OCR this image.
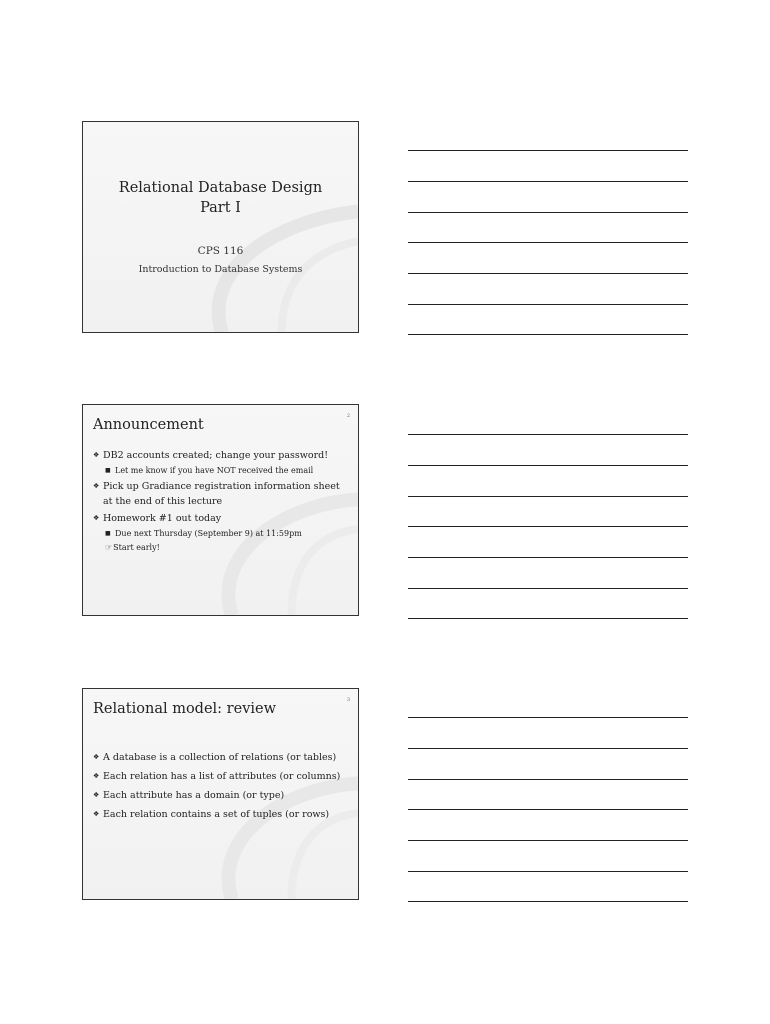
Relational Database Design
Part I
CPS 116
Introduction to Database Systems
2
Announcement
❖ DB2 accounts created; change your password!
■ Let me know if you have NOT received the email
❖ Pick up Gradiance registration information sheet at the end of this lecture
❖ Homework #1 out today
■ Due next Thursday (September 9) at 11:59pm
☞Start early!
3
Relational model: review
❖ A database is a collection of relations (or tables)
❖ Each relation has a list of attributes (or columns)
❖ Each attribute has a domain (or type)
❖ Each relation contains a set of tuples (or rows)
